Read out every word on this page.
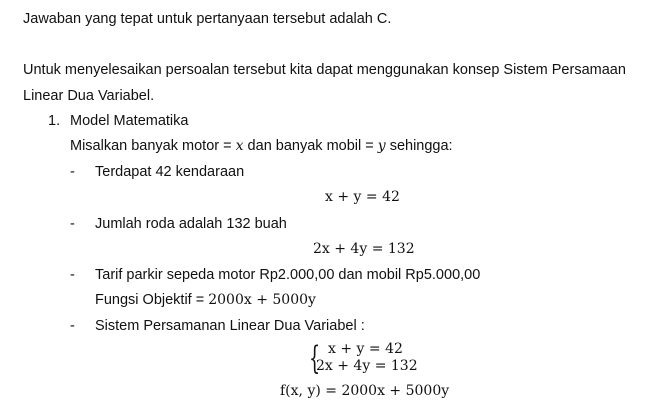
Jawaban yang tepat untuk pertanyaan tersebut adalah C.
Untuk menyelesaikan persoalan tersebut kita dapat menggunakan konsep Sistem Persamaan
Linear Dua Variabel.
1. Model Matematika
Misalkan banyak motor = x dan banyak mobil = y sehingga:
- Terdapat 42 kendaraan
x + y = 42
- Jumlah roda adalah 132 buah
2x + 4y = 132
- Tarif parkir sepeda motor Rp2.000,00 dan mobil Rp5.000,00
Fungsi Objektif = 2000x + 5000y
- Sistem Persamanan Linear Dua Variabel :
{ x + y = 42
2x + 4y = 132
f(x, y) = 2000x + 5000y
